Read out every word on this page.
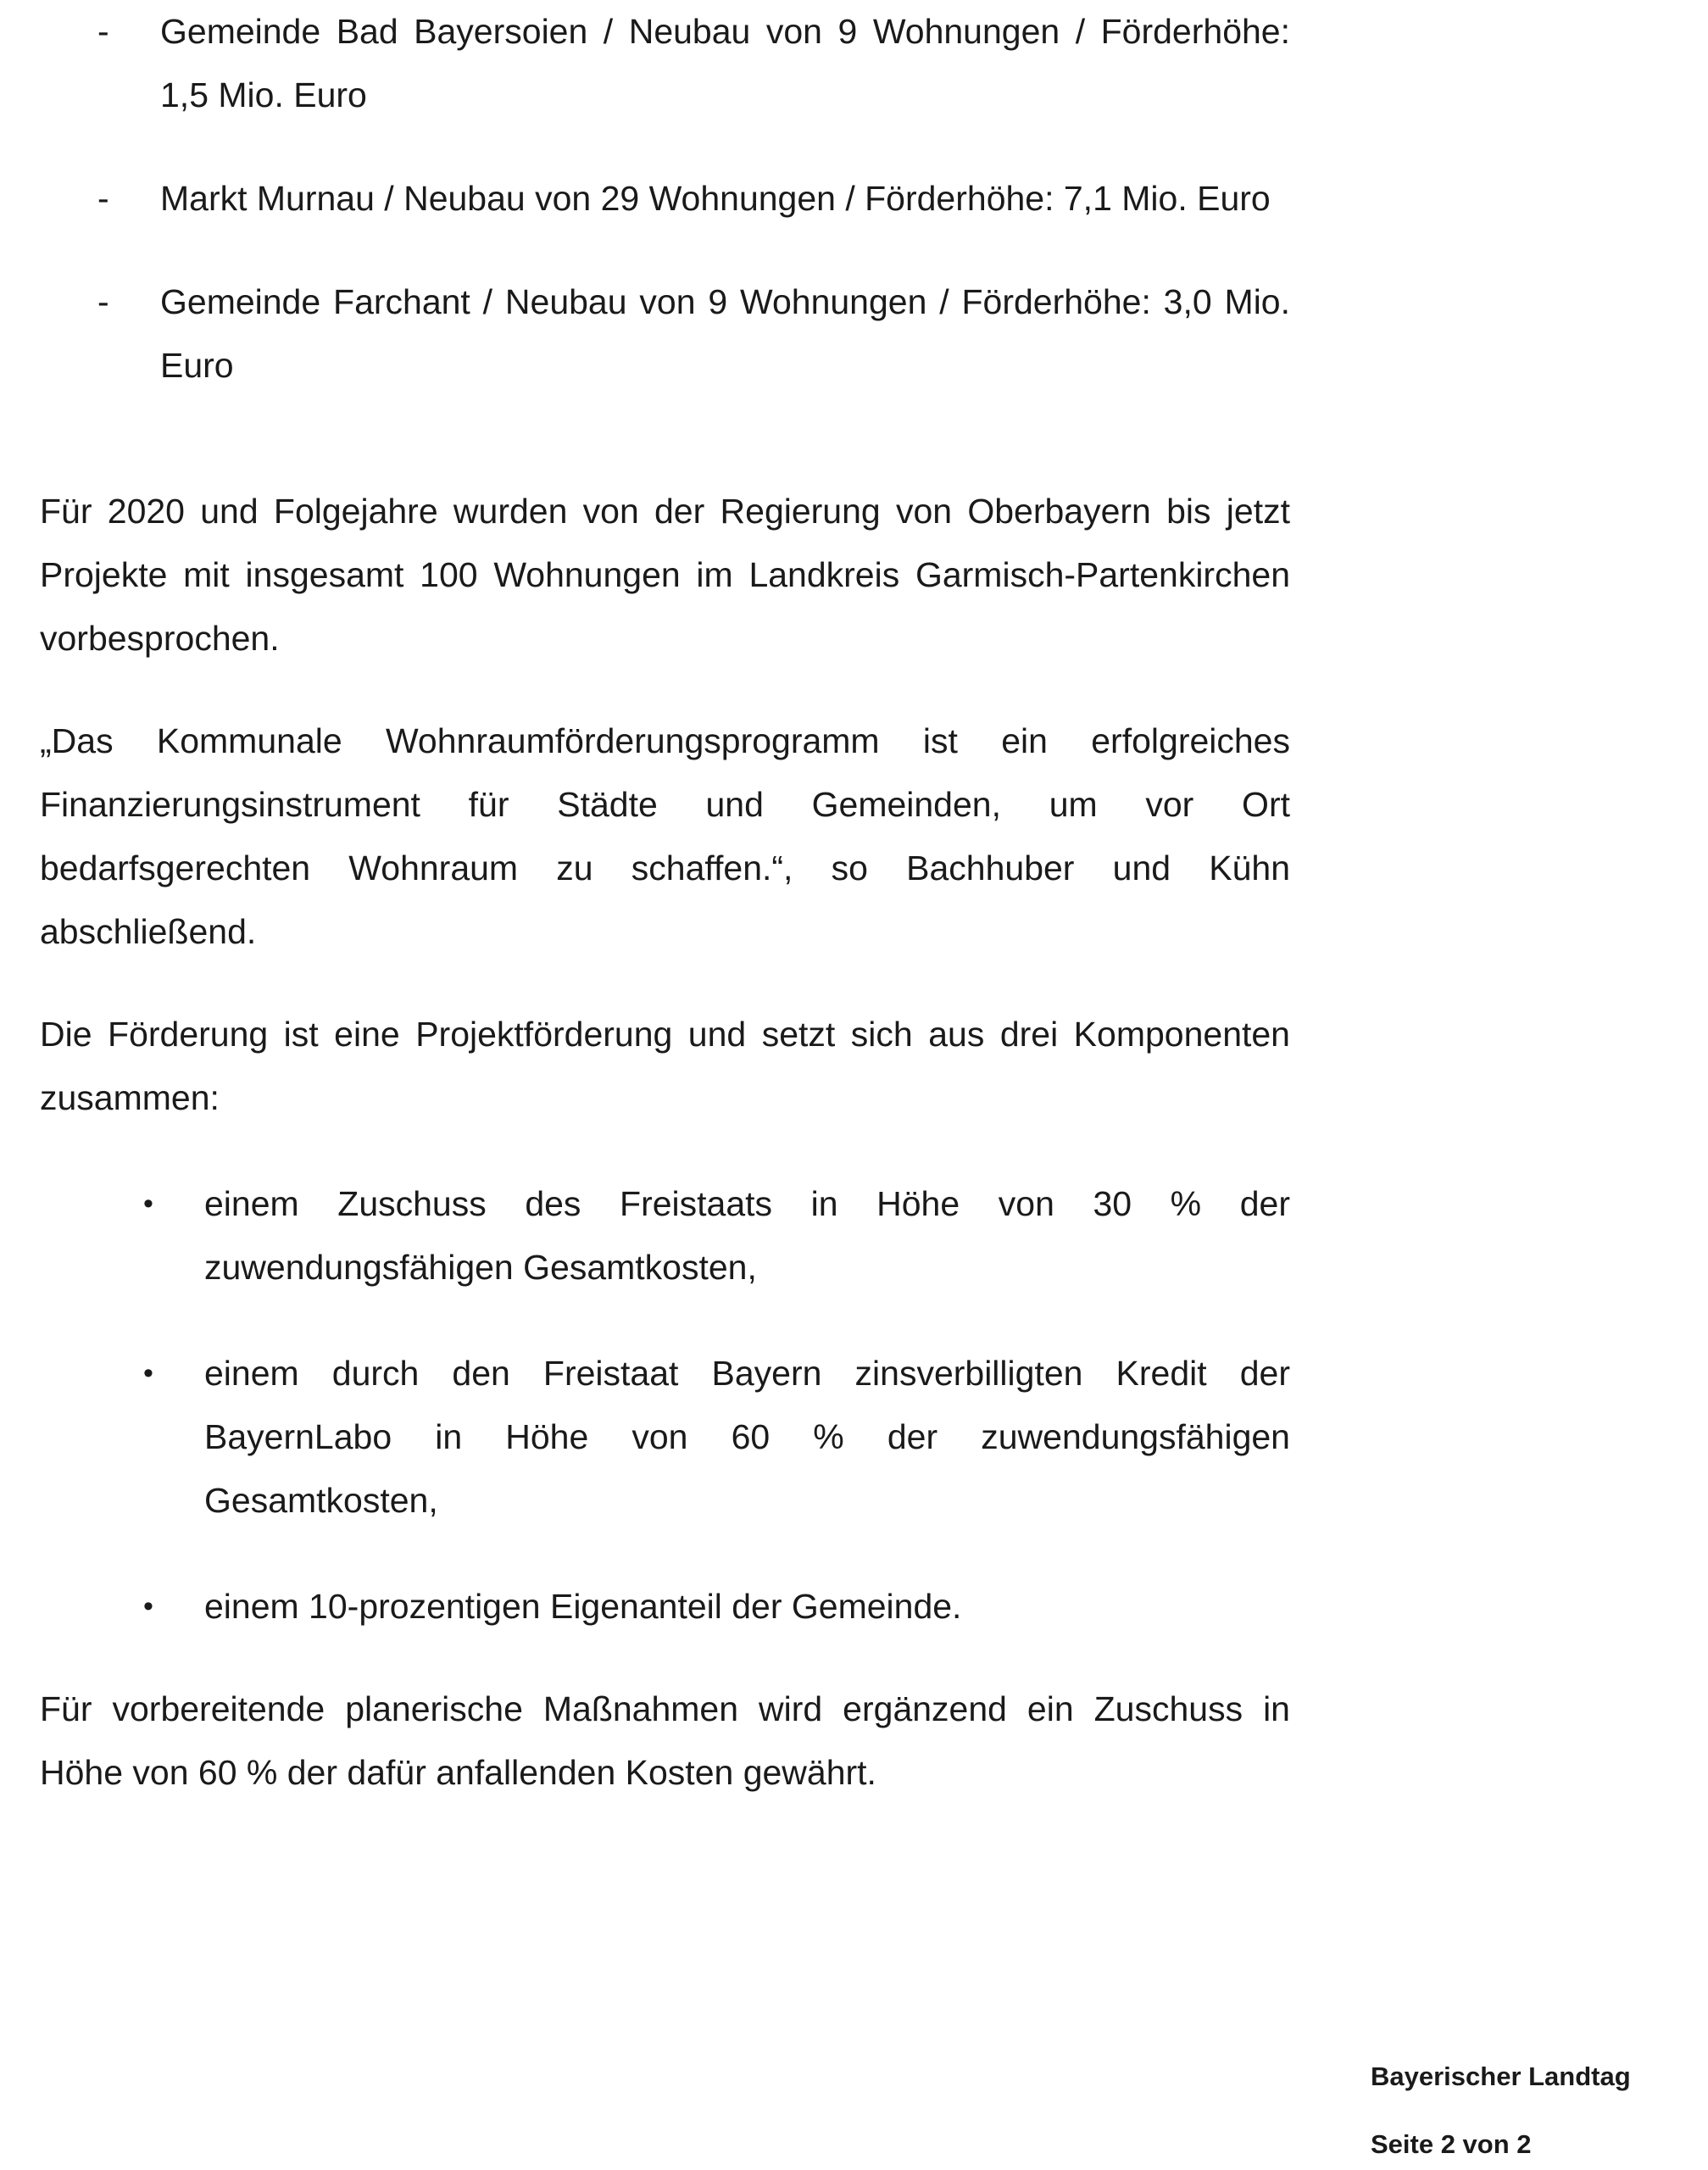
- Gemeinde Bad Bayersoien / Neubau von 9 Wohnungen / Förderhöhe: 1,5 Mio. Euro
- Markt Murnau / Neubau von 29 Wohnungen / Förderhöhe: 7,1 Mio. Euro
- Gemeinde Farchant / Neubau von 9 Wohnungen / Förderhöhe: 3,0 Mio. Euro

Für 2020 und Folgejahre wurden von der Regierung von Oberbayern bis jetzt Projekte mit insgesamt 100 Wohnungen im Landkreis Garmisch-Partenkirchen vorbesprochen.

„Das Kommunale Wohnraumförderungsprogramm ist ein erfolgreiches Finanzierungsinstrument für Städte und Gemeinden, um vor Ort bedarfsgerechten Wohnraum zu schaffen.“, so Bachhuber und Kühn abschließend.

Die Förderung ist eine Projektförderung und setzt sich aus drei Komponenten zusammen:

• einem Zuschuss des Freistaats in Höhe von 30 % der zuwendungsfähigen Gesamtkosten,
• einem durch den Freistaat Bayern zinsverbilligten Kredit der BayernLabo in Höhe von 60 % der zuwendungsfähigen Gesamtkosten,
• einem 10-prozentigen Eigenanteil der Gemeinde.

Für vorbereitende planerische Maßnahmen wird ergänzend ein Zuschuss in Höhe von 60 % der dafür anfallenden Kosten gewährt.

Bayerischer Landtag
Seite 2 von 2
